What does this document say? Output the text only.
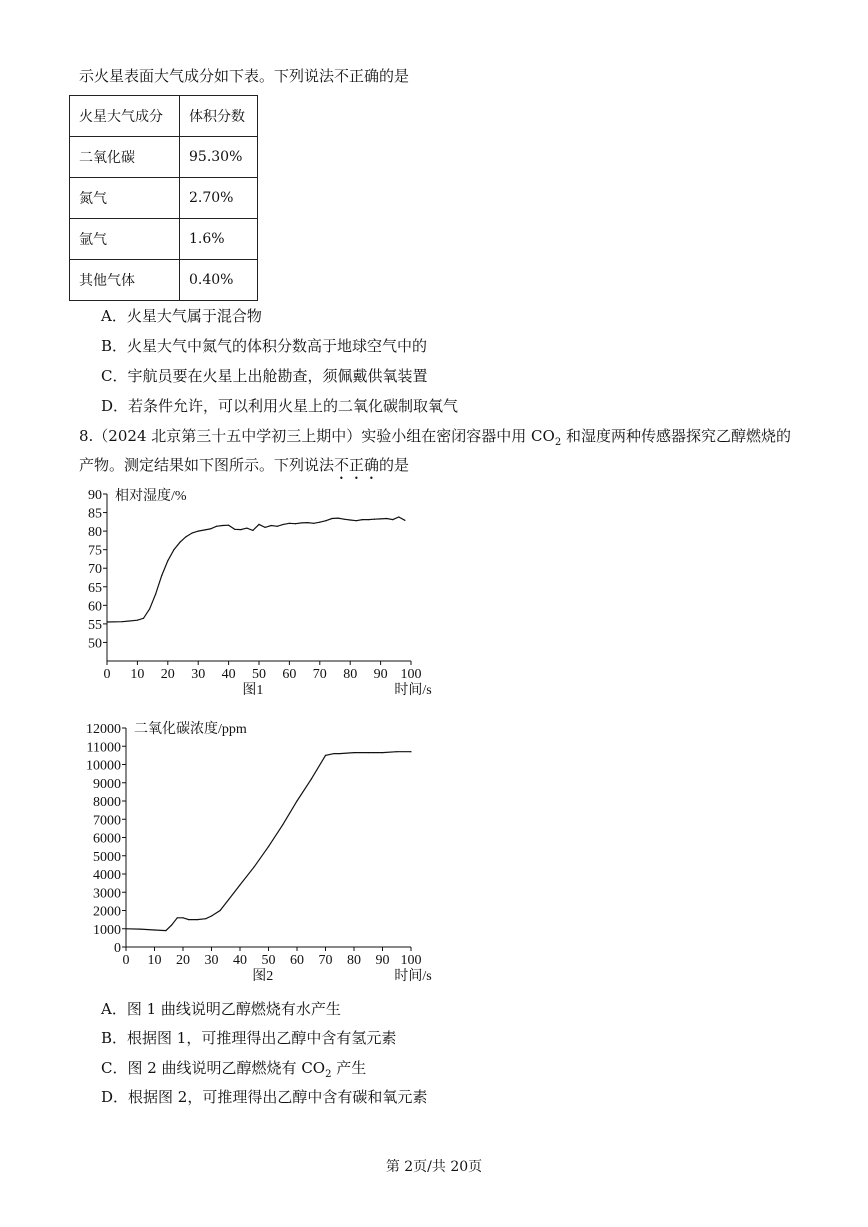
示火星表面大气成分如下表。下列说法不正确的是
火星大气成分	体积分数
二氧化碳	95.30%
氮气	2.70%
氩气	1.6%
其他气体	0.40%
A．火星大气属于混合物
B．火星大气中氮气的体积分数高于地球空气中的
C．宇航员要在火星上出舱勘查，须佩戴供氧装置
D．若条件允许，可以利用火星上的二氧化碳制取氧气
8.（2024 北京第三十五中学初三上期中）实验小组在密闭容器中用 $CO_2$ 和湿度两种传感器探究乙醇燃烧的
产物。测定结果如下图所示。下列说法不正确的是
0 10 20 30 40 50 60 70 80 90 100
50
55
60
65
70
75
80
85
90 相对湿度/%
时间/s
图1
0 10 20 30 40 50 60 70 80 90 100
0
1000
2000
3000
4000
5000
6000
7000
8000
9000
10000
11000
12000 二氧化碳浓度/ppm
时间/s
图2
A．图 1 曲线说明乙醇燃烧有水产生
B．根据图 1，可推理得出乙醇中含有氢元素
C．图 2 曲线说明乙醇燃烧有 $CO_2$ 产生
D．根据图 2，可推理得出乙醇中含有碳和氧元素
第 2页/共 20页
